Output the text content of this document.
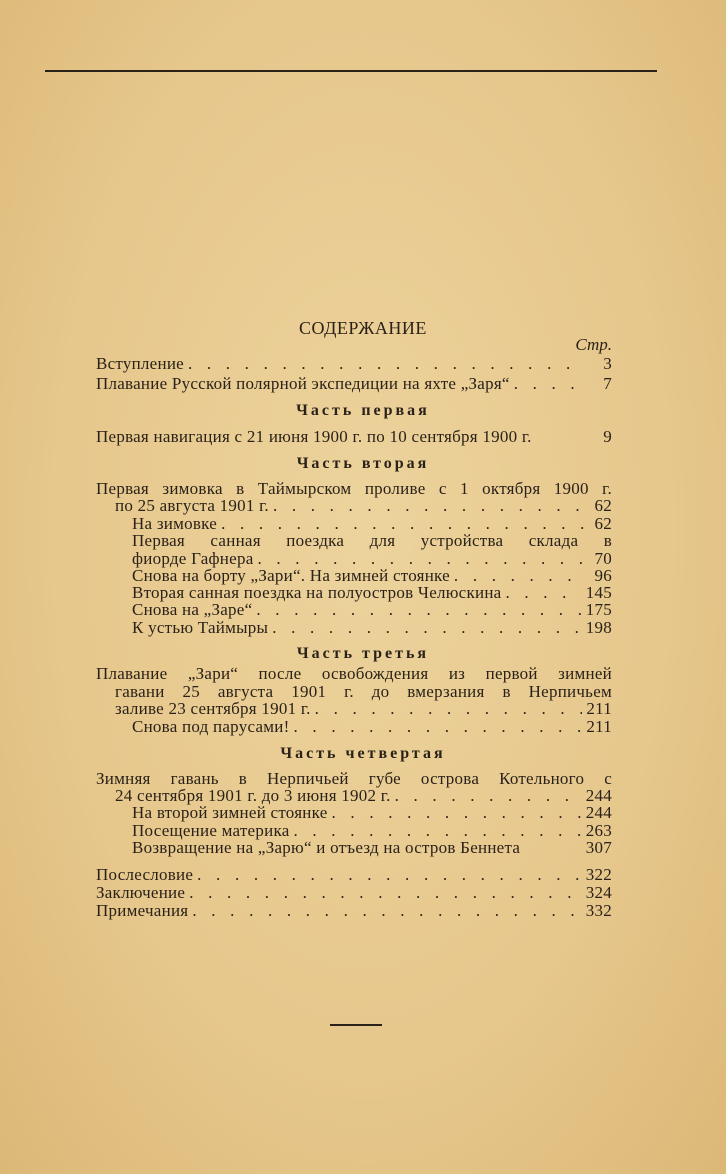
СОДЕРЖАНИЕ
Стр.
Вступление . . .	3
Плавание Русской полярной экспедиции на яхте „Заря“ . . .	7
Часть первая
Первая навигация с 21 июня 1900 г. по 10 сентября 1900 г.	9
Часть вторая
Первая зимовка в Таймырском проливе с 1 октября 1900 г.
по 25 августа 1901 г. . . .	62
На зимовке . . .	62
Первая санная поездка для устройства склада в
фиорде Гафнера . . .	70
Снова на борту „Зари“. На зимней стоянке . . .	96
Вторая санная поездка на полуостров Челюскина . . .	145
Снова на „Заре“ . . .	175
К устью Таймыры . . .	198
Часть третья
Плавание „Зари“ после освобождения из первой зимней
гавани 25 августа 1901 г. до вмерзания в Нерпичьем
заливе 23 сентября 1901 г. . . .	211
Снова под парусами! . . .	211
Часть четвертая
Зимняя гавань в Нерпичьей губе острова Котельного с
24 сентября 1901 г. до 3 июня 1902 г. . . .	244
На второй зимней стоянке . . .	244
Посещение материка . . .	263
Возвращение на „Зарю“ и отъезд на остров Беннета	307
Послесловие . . .	322
Заключение . . .	324
Примечания . . .	332
